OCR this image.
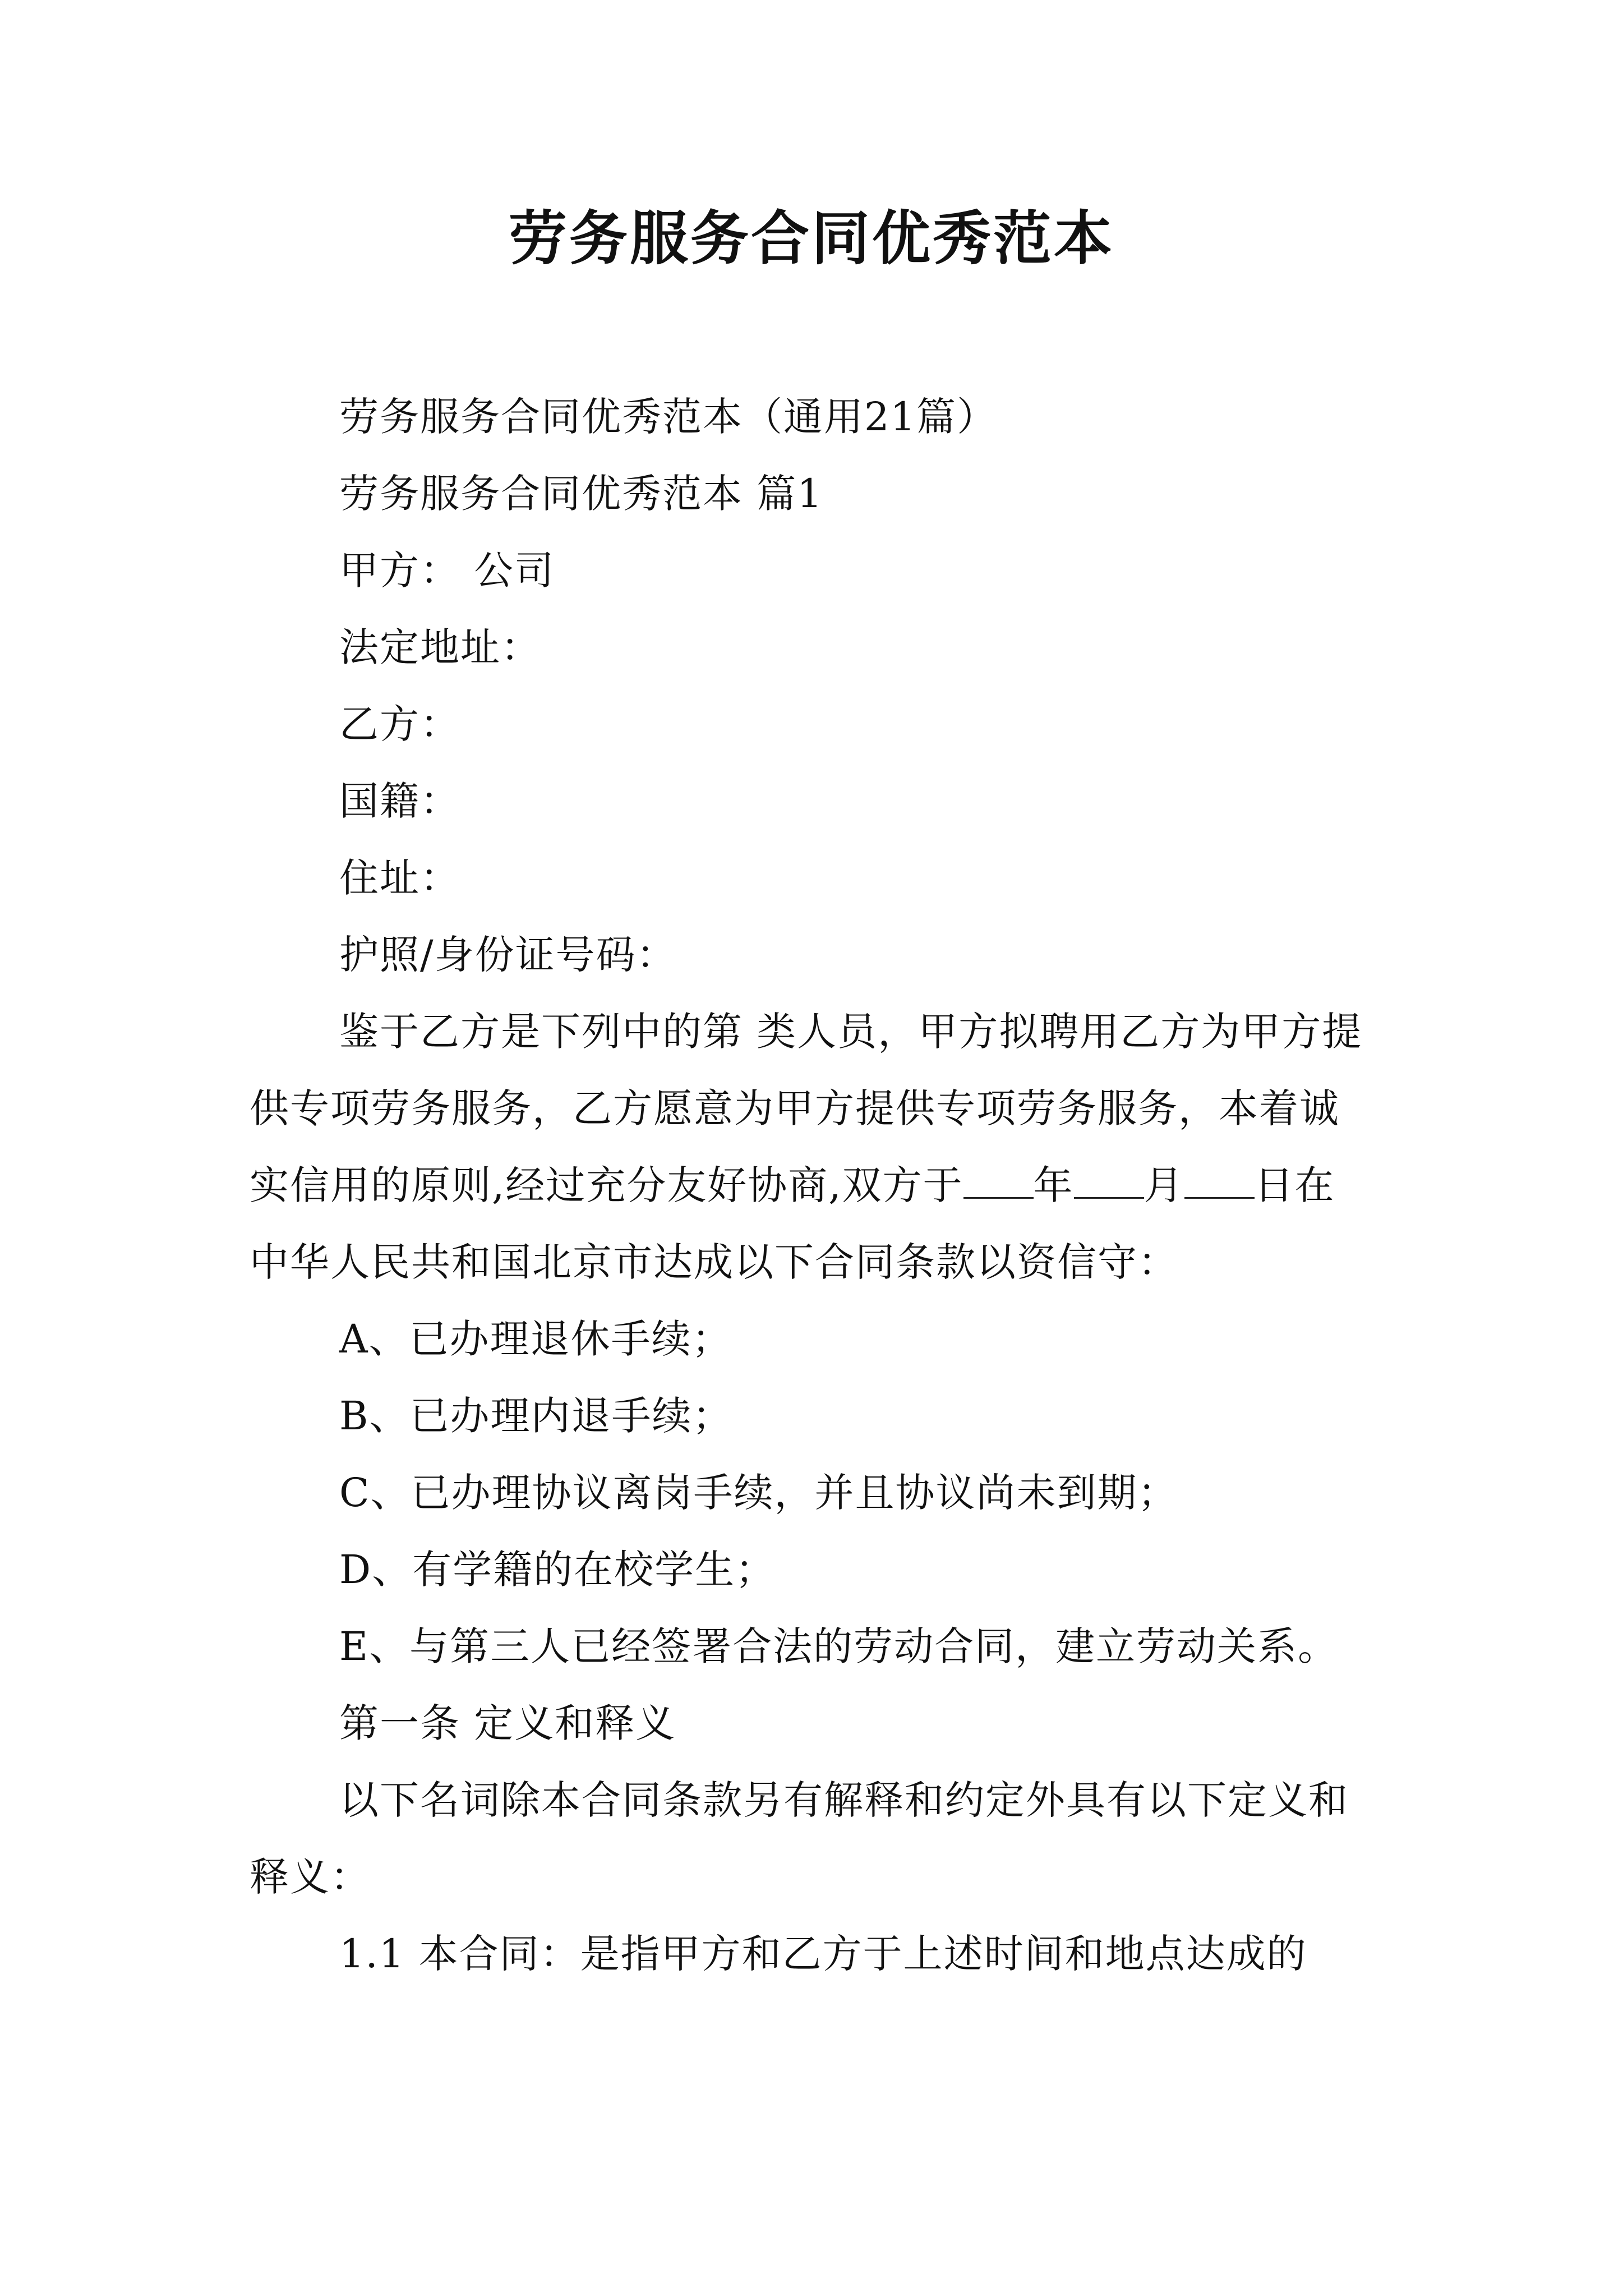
劳务服务合同优秀范本

劳务服务合同优秀范本（通用21篇）

劳务服务合同优秀范本 篇1

甲方： 公司

法定地址：

乙方：

国籍：

住址：

护照/身份证号码：

鉴于乙方是下列中的第 类人员，甲方拟聘用乙方为甲方提供专项劳务服务，乙方愿意为甲方提供专项劳务服务，本着诚实信用的原则,经过充分友好协商,双方于 年 月 日在中华人民共和国北京市达成以下合同条款以资信守：

A、已办理退休手续；

B、已办理内退手续；

C、已办理协议离岗手续，并且协议尚未到期；

D、有学籍的在校学生；

E、与第三人已经签署合法的劳动合同，建立劳动关系。

第一条 定义和释义

以下名词除本合同条款另有解释和约定外具有以下定义和释义：

1.1 本合同：是指甲方和乙方于上述时间和地点达成的
